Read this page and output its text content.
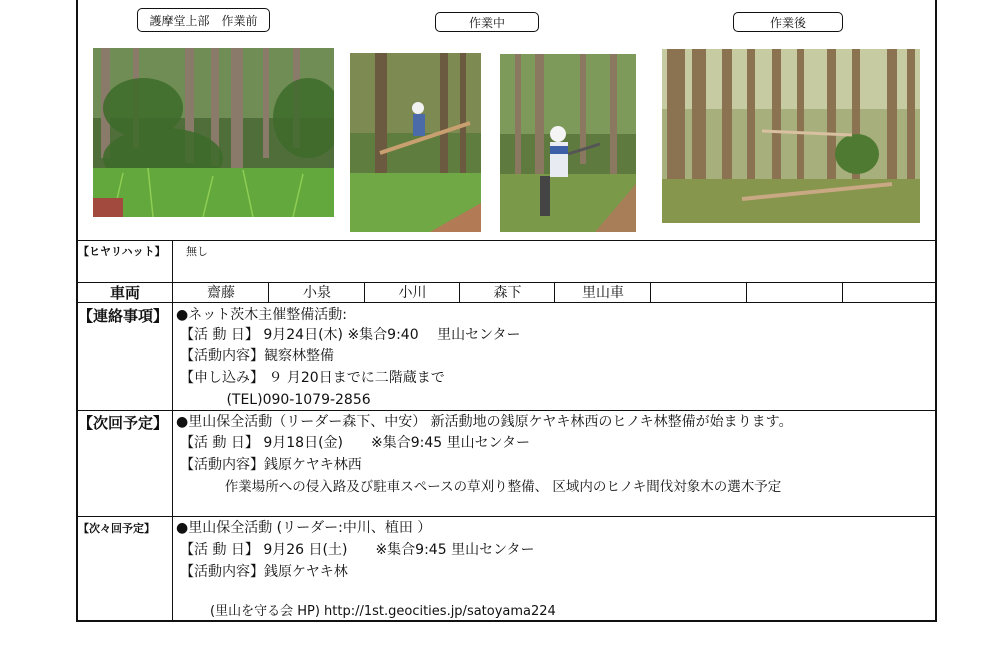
護摩堂上部　作業前	作業中	作業後
【ヒヤリハット】 無し
車両	齋藤	小泉	小川	森下	里山車
【連絡事項】 ●ネット茨木主催整備活動:
【活 動 日】 9月24日(木) ※集合9:40　 里山センター
【活動内容】観察林整備
【申し込み】 ９ 月20日までに二階蔵まで
　　　 (TEL)090-1079-2856
【次回予定】 ●里山保全活動（リーダー森下、中安） 新活動地の銭原ケヤキ林西のヒノキ林整備が始まります。
【活 動 日】 9月18日(金)　　※集合9:45 里山センター
【活動内容】銭原ケヤキ林西
　　　 作業場所への侵入路及び駐車スペースの草刈り整備、 区域内のヒノキ間伐対象木の選木予定
【次々回予定】 ●里山保全活動 (リーダー:中川、植田 ）
【活 動 日】 9月26 日(土)　　※集合9:45 里山センター
【活動内容】銭原ケヤキ林
(里山を守る会 HP) http://1st.geocities.jp/satoyama224
